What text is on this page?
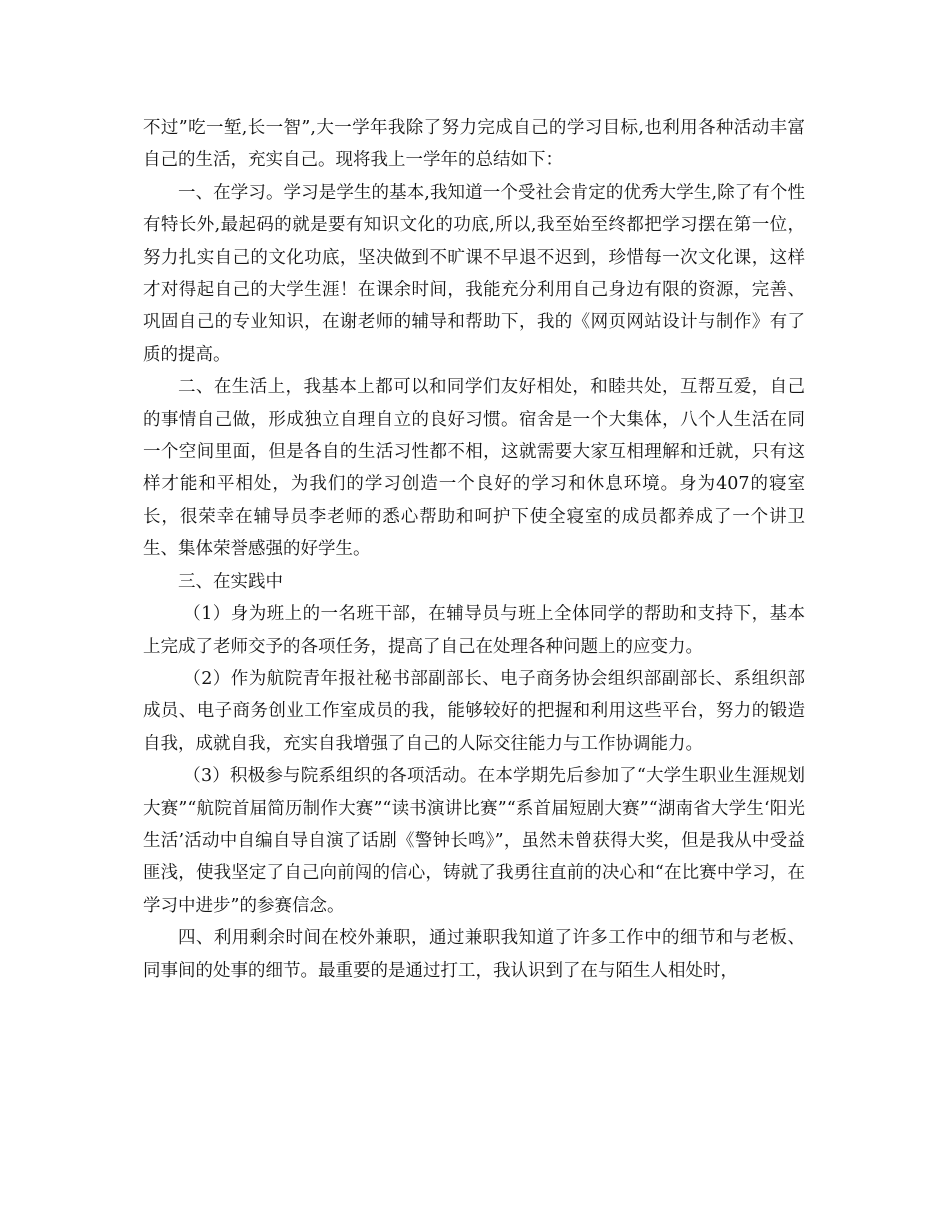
不过”吃一堑,长一智”,大一学年我除了努力完成自己的学习目标,也利用各种活动丰富自己的生活，充实自己。现将我上一学年的总结如下：

一、在学习。学习是学生的基本,我知道一个受社会肯定的优秀大学生,除了有个性有特长外,最起码的就是要有知识文化的功底,所以,我至始至终都把学习摆在第一位，努力扎实自己的文化功底，坚决做到不旷课不早退不迟到，珍惜每一次文化课，这样才对得起自己的大学生涯！在课余时间，我能充分利用自己身边有限的资源，完善、巩固自己的专业知识，在谢老师的辅导和帮助下，我的《网页网站设计与制作》有了质的提高。

二、在生活上，我基本上都可以和同学们友好相处，和睦共处，互帮互爱，自己的事情自己做，形成独立自理自立的良好习惯。宿舍是一个大集体，八个人生活在同一个空间里面，但是各自的生活习性都不相，这就需要大家互相理解和迁就，只有这样才能和平相处，为我们的学习创造一个良好的学习和休息环境。身为407的寝室长，很荣幸在辅导员李老师的悉心帮助和呵护下使全寝室的成员都养成了一个讲卫生、集体荣誉感强的好学生。

三、在实践中

（1）身为班上的一名班干部，在辅导员与班上全体同学的帮助和支持下，基本上完成了老师交予的各项任务，提高了自己在处理各种问题上的应变力。

（2）作为航院青年报社秘书部副部长、电子商务协会组织部副部长、系组织部成员、电子商务创业工作室成员的我，能够较好的把握和利用这些平台，努力的锻造自我，成就自我，充实自我增强了自己的人际交往能力与工作协调能力。

（3）积极参与院系组织的各项活动。在本学期先后参加了“大学生职业生涯规划大赛”“航院首届简历制作大赛”“读书演讲比赛”“系首届短剧大赛”“湖南省大学生‘阳光生活’活动中自编自导自演了话剧《警钟长鸣》”，虽然未曾获得大奖，但是我从中受益匪浅，使我坚定了自己向前闯的信心，铸就了我勇往直前的决心和“在比赛中学习，在学习中进步”的参赛信念。

四、利用剩余时间在校外兼职，通过兼职我知道了许多工作中的细节和与老板、同事间的处事的细节。最重要的是通过打工，我认识到了在与陌生人相处时，
